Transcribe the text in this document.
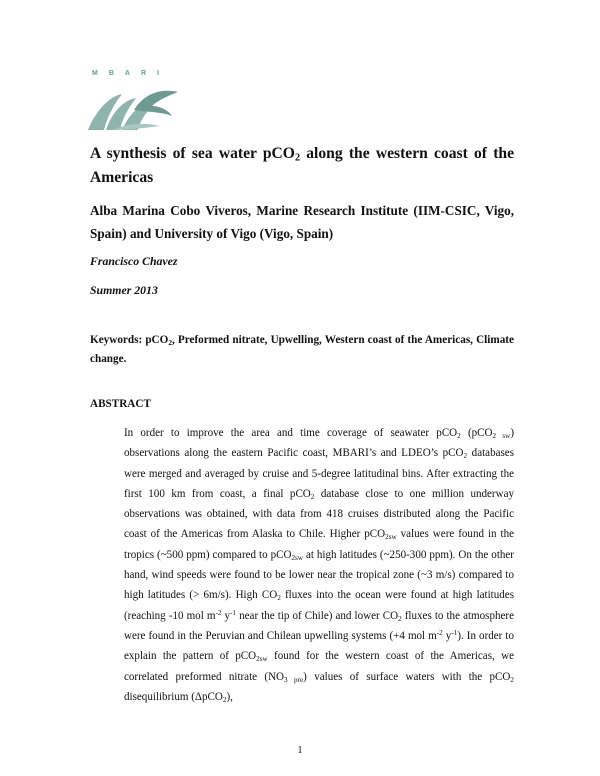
MBARI
A synthesis of sea water pCO$_2$ along the western coast of the Americas
Alba Marina Cobo Viveros, Marine Research Institute (IIM-CSIC, Vigo, Spain) and University of Vigo (Vigo, Spain)
Francisco Chavez
Summer 2013
Keywords: pCO$_2$, Preformed nitrate, Upwelling, Western coast of the Americas, Climate change.
ABSTRACT
In order to improve the area and time coverage of seawater pCO$_2$ (pCO$_{2 sw}$) observations along the eastern Pacific coast, MBARI’s and LDEO’s pCO$_2$ databases were merged and averaged by cruise and 5-degree latitudinal bins. After extracting the first 100 km from coast, a final pCO$_2$ database close to one million underway observations was obtained, with data from 418 cruises distributed along the Pacific coast of the Americas from Alaska to Chile. Higher pCO$_{2sw}$ values were found in the tropics (~500 ppm) compared to pCO$_{2sw}$ at high latitudes (~250-300 ppm). On the other hand, wind speeds were found to be lower near the tropical zone (~3 m/s) compared to high latitudes (> 6m/s). High $CO_2$ fluxes into the ocean were found at high latitudes (reaching -10 mol $m^{-2}$ $y^{-1}$ near the tip of Chile) and lower $CO_2$ fluxes to the atmosphere were found in the Peruvian and Chilean upwelling systems (+4 mol $m^{-2}$ $y^{-1}$). In order to explain the pattern of pCO$_{2sw}$ found for the western coast of the Americas, we correlated preformed nitrate $(NO_{3 pre})$ values of surface waters with the pCO$_2$ disequilibrium (ΔpCO$_2$),
1
